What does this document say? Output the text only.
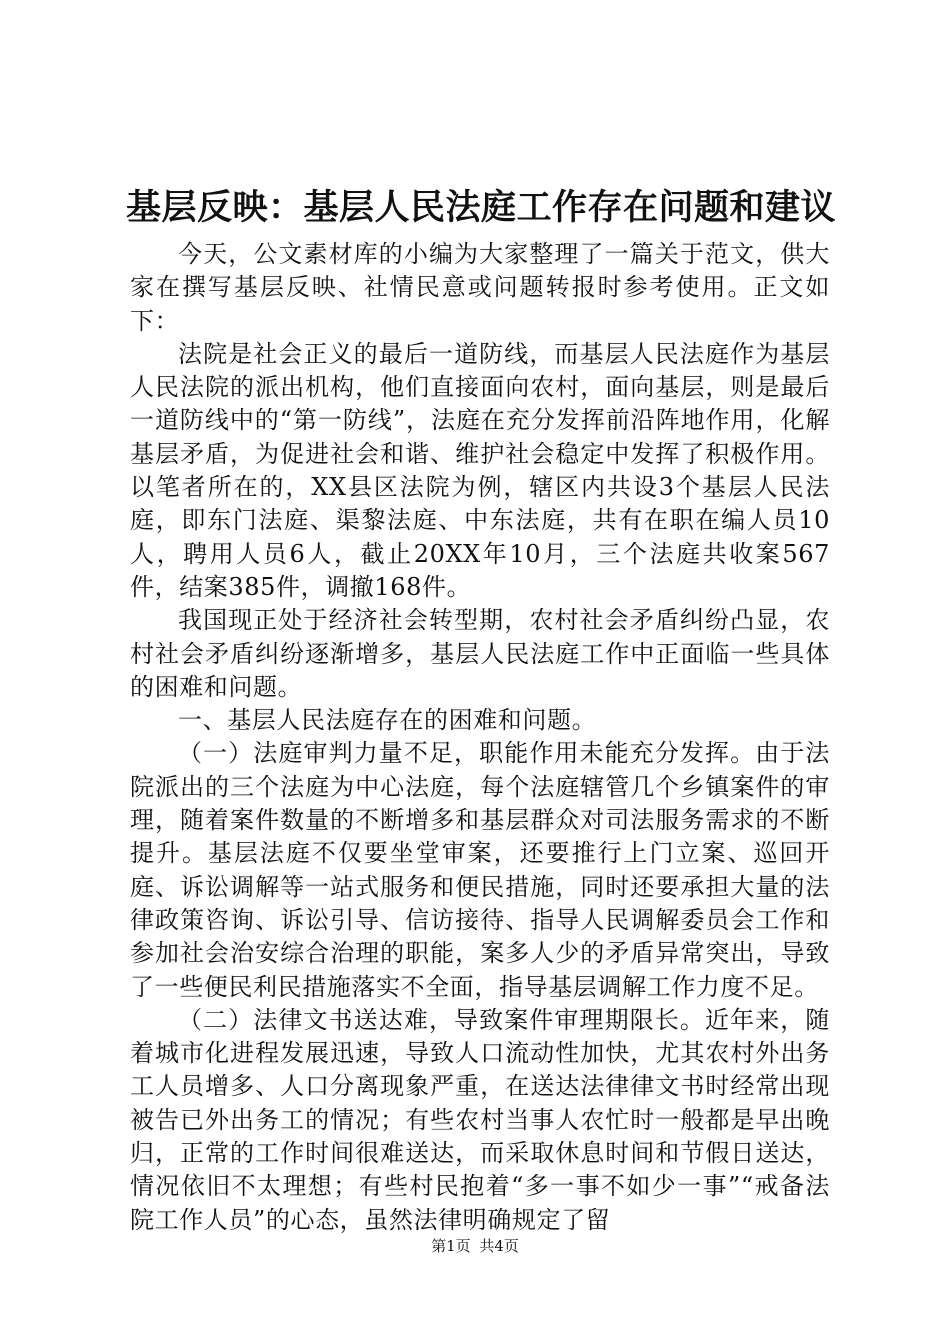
基层反映：基层人民法庭工作存在问题和建议

今天，公文素材库的小编为大家整理了一篇关于范文，供大家在撰写基层反映、社情民意或问题转报时参考使用。正文如下：

法院是社会正义的最后一道防线，而基层人民法庭作为基层人民法院的派出机构，他们直接面向农村，面向基层，则是最后一道防线中的“第一防线”，法庭在充分发挥前沿阵地作用，化解基层矛盾，为促进社会和谐、维护社会稳定中发挥了积极作用。以笔者所在的，XX县区法院为例，辖区内共设3个基层人民法庭，即东门法庭、渠黎法庭、中东法庭，共有在职在编人员10人，聘用人员6人，截止20XX年10月，三个法庭共收案567件，结案385件，调撤168件。

我国现正处于经济社会转型期，农村社会矛盾纠纷凸显，农村社会矛盾纠纷逐渐增多，基层人民法庭工作中正面临一些具体的困难和问题。

一、基层人民法庭存在的困难和问题。

（一）法庭审判力量不足，职能作用未能充分发挥。由于法院派出的三个法庭为中心法庭，每个法庭辖管几个乡镇案件的审理，随着案件数量的不断增多和基层群众对司法服务需求的不断提升。基层法庭不仅要坐堂审案，还要推行上门立案、巡回开庭、诉讼调解等一站式服务和便民措施，同时还要承担大量的法律政策咨询、诉讼引导、信访接待、指导人民调解委员会工作和参加社会治安综合治理的职能，案多人少的矛盾异常突出，导致了一些便民利民措施落实不全面，指导基层调解工作力度不足。

（二）法律文书送达难，导致案件审理期限长。近年来，随着城市化进程发展迅速，导致人口流动性加快，尤其农村外出务工人员增多、人口分离现象严重，在送达法律律文书时经常出现被告已外出务工的情况；有些农村当事人农忙时一般都是早出晚归，正常的工作时间很难送达，而采取休息时间和节假日送达，情况依旧不太理想；有些村民抱着“多一事不如少一事”“戒备法院工作人员”的心态，虽然法律明确规定了留

第1页 共4页
